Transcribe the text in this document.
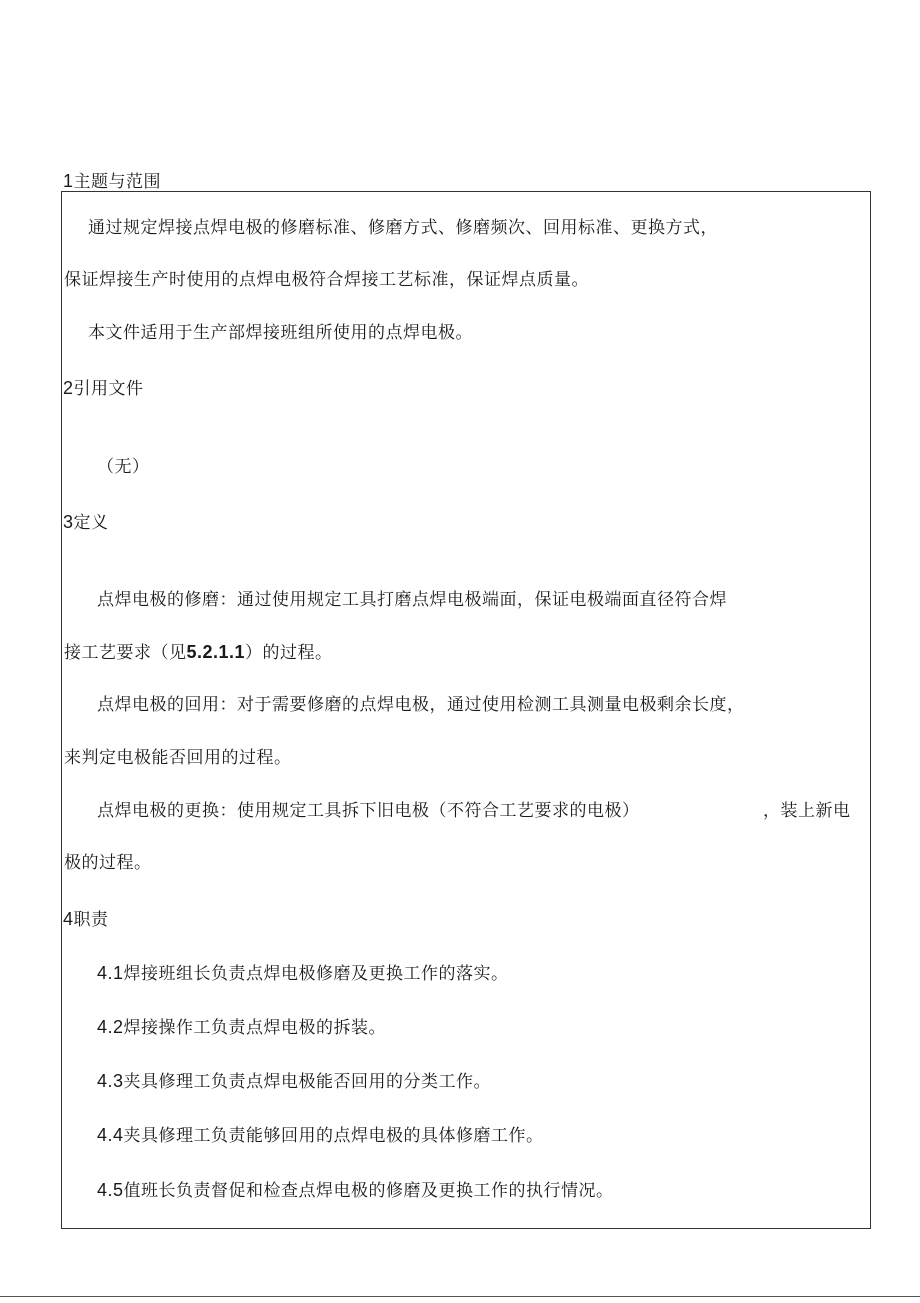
1主题与范围
通过规定焊接点焊电极的修磨标准、修磨方式、修磨频次、回用标准、更换方式，
保证焊接生产时使用的点焊电极符合焊接工艺标准，保证焊点质量。
本文件适用于生产部焊接班组所使用的点焊电极。
2引用文件
（无）
3定义
点焊电极的修磨：通过使用规定工具打磨点焊电极端面，保证电极端面直径符合焊
接工艺要求（见5.2.1.1）的过程。
点焊电极的回用：对于需要修磨的点焊电极，通过使用检测工具测量电极剩余长度，
来判定电极能否回用的过程。
点焊电极的更换：使用规定工具拆下旧电极（不符合工艺要求的电极）	，装上新电
极的过程。
4职责
4.1焊接班组长负责点焊电极修磨及更换工作的落实。
4.2焊接操作工负责点焊电极的拆装。
4.3夹具修理工负责点焊电极能否回用的分类工作。
4.4夹具修理工负责能够回用的点焊电极的具体修磨工作。
4.5值班长负责督促和检查点焊电极的修磨及更换工作的执行情况。
